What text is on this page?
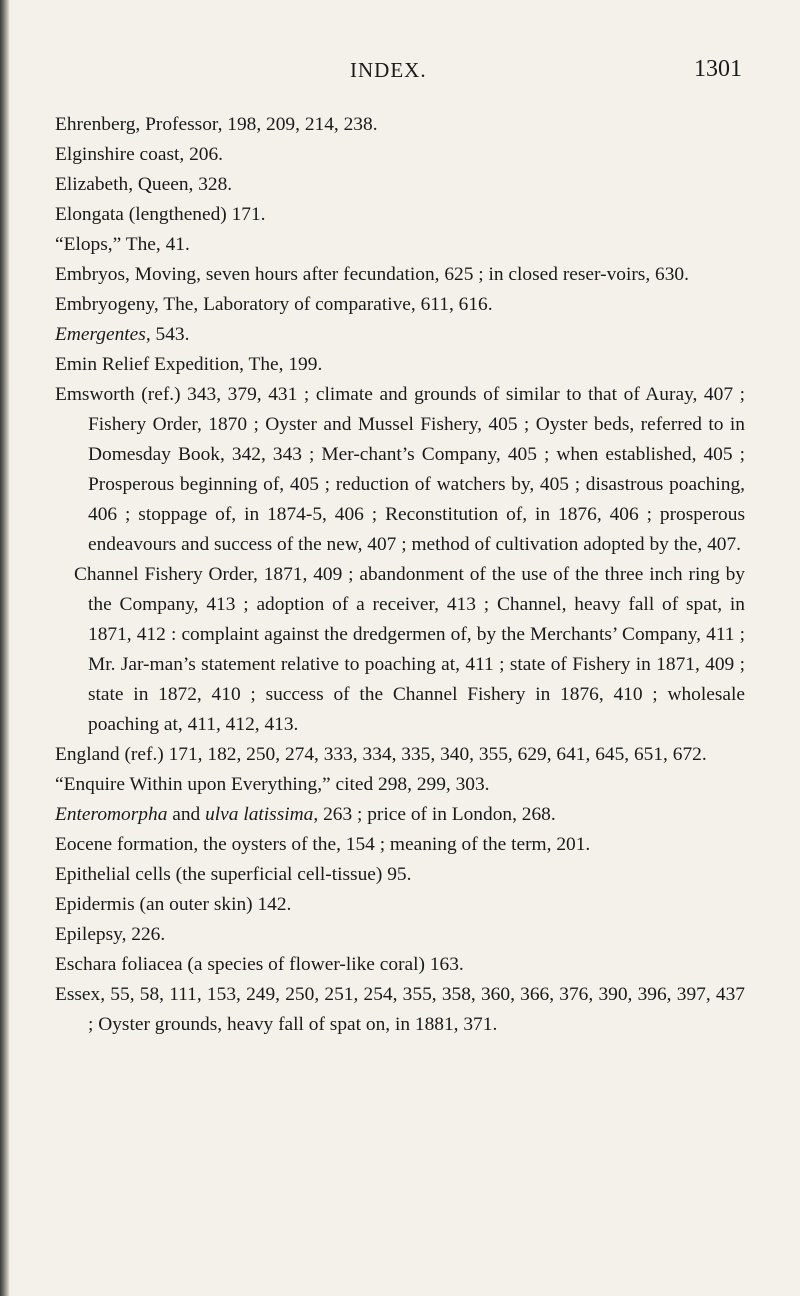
INDEX.	1301
Ehrenberg, Professor, 198, 209, 214, 238.
Elginshire coast, 206.
Elizabeth, Queen, 328.
Elongata (lengthened) 171.
“Elops,” The, 41.
Embryos, Moving, seven hours after fecundation, 625 ; in closed reser-voirs, 630.
Embryogeny, The, Laboratory of comparative, 611, 616.
Emergentes, 543.
Emin Relief Expedition, The, 199.
Emsworth (ref.) 343, 379, 431 ; climate and grounds of similar to that of Auray, 407 ; Fishery Order, 1870 ; Oyster and Mussel Fishery, 405 ; Oyster beds, referred to in Domesday Book, 342, 343 ; Mer-chant’s Company, 405 ; when established, 405 ; Prosperous beginning of, 405 ; reduction of watchers by, 405 ; disastrous poaching, 406 ; stoppage of, in 1874-5, 406 ; Reconstitution of, in 1876, 406 ; prosperous endeavours and success of the new, 407 ; method of cultivation adopted by the, 407.
Channel Fishery Order, 1871, 409 ; abandonment of the use of the three inch ring by the Company, 413 ; adoption of a receiver, 413 ; Channel, heavy fall of spat, in 1871, 412 : complaint against the dredgermen of, by the Merchants’ Company, 411 ; Mr. Jar-man’s statement relative to poaching at, 411 ; state of Fishery in 1871, 409 ; state in 1872, 410 ; success of the Channel Fishery in 1876, 410 ; wholesale poaching at, 411, 412, 413.
England (ref.) 171, 182, 250, 274, 333, 334, 335, 340, 355, 629, 641, 645, 651, 672.
“Enquire Within upon Everything,” cited 298, 299, 303.
Enteromorpha and ulva latissima, 263 ; price of in London, 268.
Eocene formation, the oysters of the, 154 ; meaning of the term, 201.
Epithelial cells (the superficial cell-tissue) 95.
Epidermis (an outer skin) 142.
Epilepsy, 226.
Eschara foliacea (a species of flower-like coral) 163.
Essex, 55, 58, 111, 153, 249, 250, 251, 254, 355, 358, 360, 366, 376, 390, 396, 397, 437 ; Oyster grounds, heavy fall of spat on, in 1881, 371.
